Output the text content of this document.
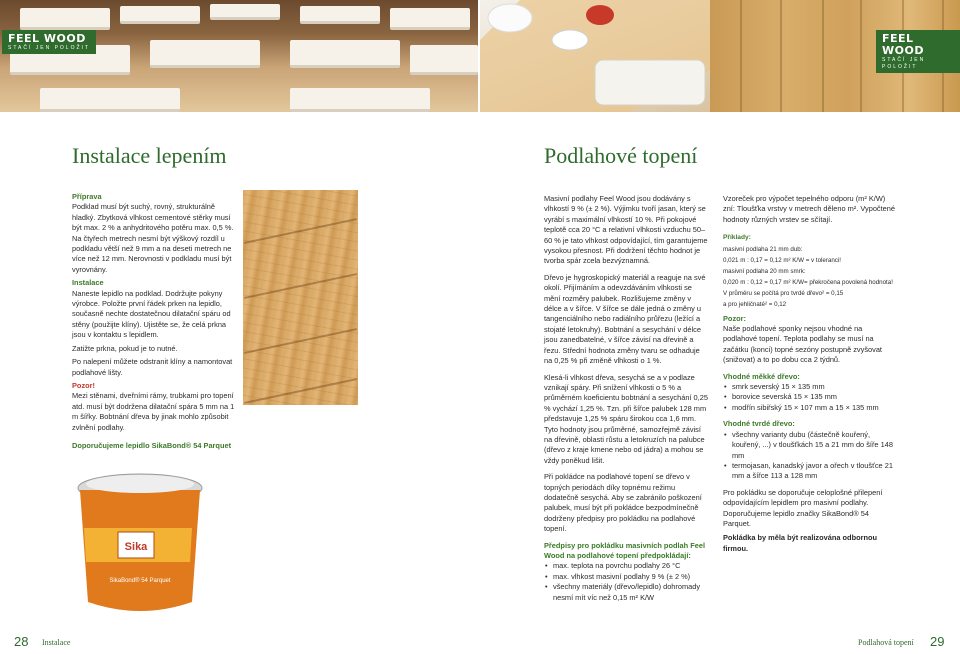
FEEL WOOD
STAČÍ JEN POLOŽIT
FEEL WOOD
STAČÍ JEN POLOŽIT
Instalace lepením	Podlahové topení
Příprava

Podklad musí být suchý, rovný, strukturálně hladký. Zbytková vlhkost cementové stěrky musí být max. 2 % a anhydritového potěru max. 0,5 %. Na čtyřech metrech nesmí být výškový rozdíl u podkladu větší než 9 mm a na deseti metrech ne více než 12 mm. Nerovnosti v podkladu musí být vyrovnány.

Instalace

Naneste lepidlo na podklad. Dodržujte pokyny výrobce. Položte první řádek prken na lepidlo, současně nechte dostatečnou dilatační spáru od stěny (použijte klíny). Ujistěte se, že celá prkna jsou v kontaktu s lepidlem.

Zatižte prkna, pokud je to nutné.

Po nalepení můžete odstranit klíny a namontovat podlahové lišty.

Pozor!

Mezi stěnami, dveřními rámy, trubkami pro topení atd. musí být dodržena dilatační spára 5 mm na 1 m šířky. Bobtnání dřeva by jinak mohlo způsobit zvlnění podlahy.

Doporučujeme lepidlo SikaBond® 54 Parquet

Sika
SikaBond® 54 Parquet

Masivní podlahy Feel Wood jsou dodávány s vlhkostí 9 % (± 2 %). Výjimku tvoří jasan, který se vyrábí s maximální vlhkostí 10 %. Při pokojové teplotě cca 20 °C a relativní vlhkosti vzduchu 50–60 % je tato vlhkost odpovídající, tím garantujeme vysokou přesnost. Při dodržení těchto hodnot je tvorba spár zcela bezvýznamná.

Dřevo je hygroskopický materiál a reaguje na své okolí. Přijímáním a odevzdáváním vlhkosti se mění rozměry palubek. Rozlišujeme změny v délce a v šířce. V šířce se dále jedná o změny u tangenciálního nebo radiálního průřezu (ležící a stojaté letokruhy). Bobtnání a sesychání v délce jsou zanedbatelné, v šířce závisí na dřevině a řezu. Střední hodnota změny tvaru se odhaduje na 0,25 % při změně vlhkosti o 1 %.

Klesá-li vlhkost dřeva, sesychá se a v podlaze vznikají spáry. Při snížení vlhkosti o 5 % a průměrném koeficientu bobtnání a sesychání 0,25 % vychází 1,25 %. Tzn. při šířce palubek 128 mm představuje 1,25 % spáru širokou cca 1,6 mm. Tyto hodnoty jsou průměrné, samozřejmě závisí na dřevině, oblasti růstu a letokruzích na palubce (dřevo z kraje kmene nebo od jádra) a mohou se vždy poněkud lišit.

Při pokládce na podlahové topení se dřevo v topných periodách díky topnému režimu dodatečně sesychá. Aby se zabránilo poškození palubek, musí být při pokládce bezpodmínečně dodrženy předpisy pro pokládku na podlahové topení.

Předpisy pro pokládku masivních podlah Feel Wood na podlahové topení předpokládají:

• max. teplota na povrchu podlahy 26 °C
• max. vlhkost masivní podlahy 9 % (± 2 %)
• všechny materiály (dřevo/lepidlo) dohromady nesmí mít víc než 0,15 m² K/W

Vzoreček pro výpočet tepelného odporu (m² K/W) zní: Tloušťka vrstvy v metrech děleno m². Vypočtené hodnoty různých vrstev se sčítají.

Příklady:
masivní podlaha 21 mm dub:
0,021 m : 0,17 = 0,12 m² K/W = v toleranci!
masivní podlaha 20 mm smrk:
0,020 m : 0,12 = 0,17 m² K/W= překročena povolená hodnota!
V průměru se počítá pro tvrdé dřevo² = 0,15
a pro jehličnaté² = 0,12
Pozor:

Naše podlahové sponky nejsou vhodné na podlahové topení. Teplota podlahy se musí na začátku (konci) topné sezóny postupně zvyšovat (snižovat) a to po dobu cca 2 týdnů.

Vhodné měkké dřevo:
• smrk severský 15 × 135 mm
• borovice severská 15 × 135 mm
• modřín sibiřský 15 × 107 mm a 15 × 135 mm
Vhodné tvrdé dřevo:
• všechny varianty dubu (částečně kouřený, kouřený, ...) v tloušťkách 15 a 21 mm do šíře 148 mm
• termojasan, kanadský javor a ořech v tloušťce 21 mm a šířce 113 a 128 mm

Pro pokládku se doporučuje celoplošné přilepení odpovídajícím lepidlem pro masivní podlahy. Doporučujeme lepidlo značky SikaBond® 54 Parquet.

Pokládka by měla být realizována odbornou firmou.

28 Instalace	Podlahová topení 29
